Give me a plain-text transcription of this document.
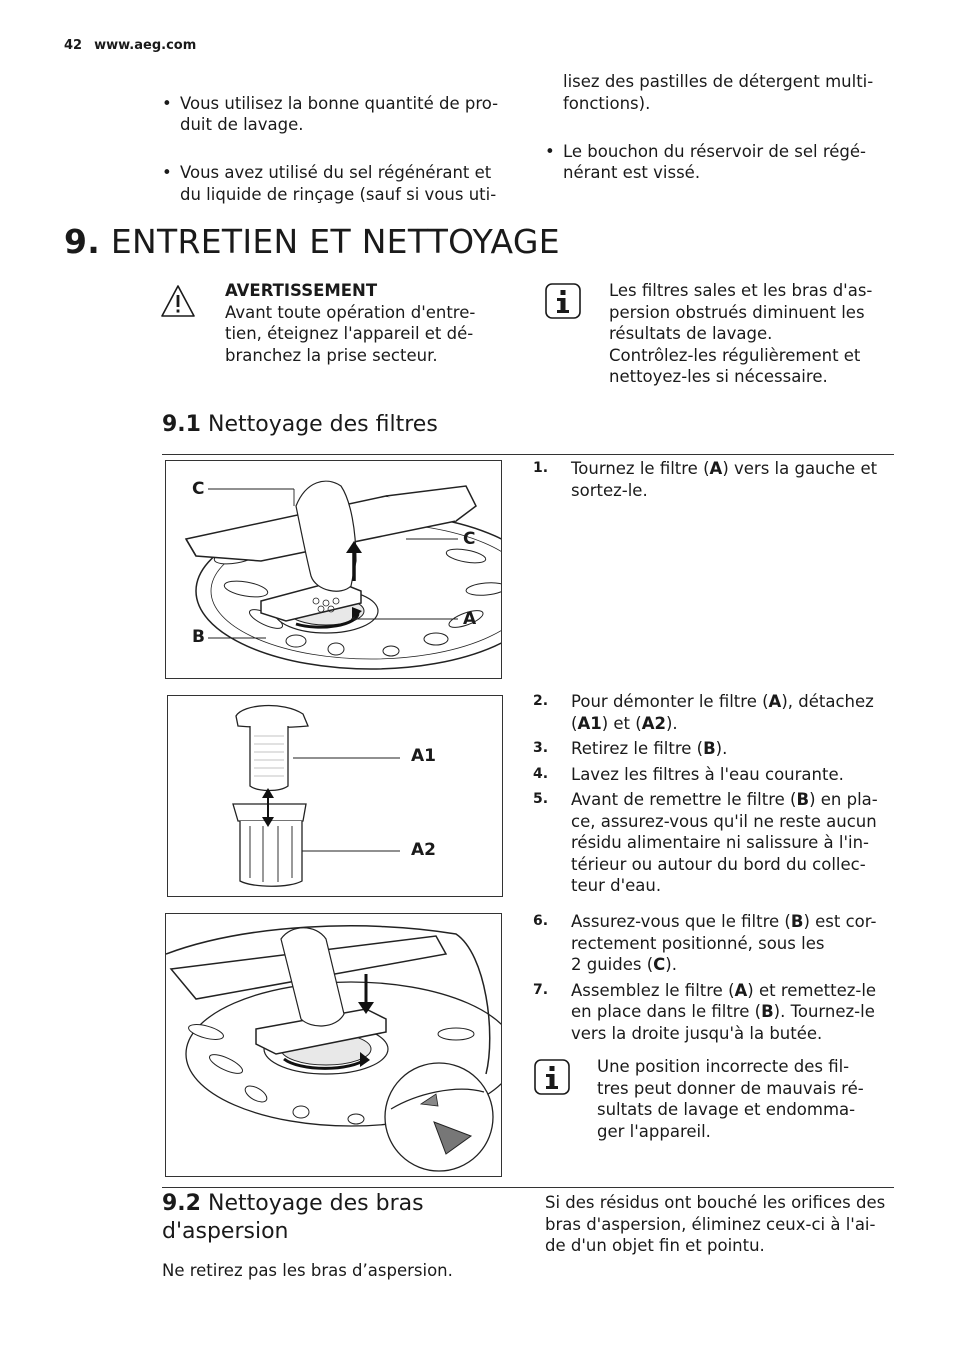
42 www.aeg.com

• Vous utilisez la bonne quantité de pro-
duit de lavage.

• Vous avez utilisé du sel régénérant et
du liquide de rinçage (sauf si vous uti-

lisez des pastilles de détergent multi-
fonctions).

• Le bouchon du réservoir de sel régé-
nérant est vissé.

9. ENTRETIEN ET NETTOYAGE
AVERTISSEMENT
Avant toute opération d'entre-
tien, éteignez l'appareil et dé-
branchez la prise secteur.
Les filtres sales et les bras d'as-
persion obstrués diminuent les
résultats de lavage.
Contrôlez-les régulièrement et
nettoyez-les si nécessaire.
9.1 Nettoyage des filtres
C
C
A
B
1. Tournez le filtre (A) vers la gauche et
sortez-le.
A1
A2
2. Pour démonter le filtre (A), détachez
(A1) et (A2).
3. Retirez le filtre (B).
4. Lavez les filtres à l'eau courante.
5. Avant de remettre le filtre (B) en pla-
ce, assurez-vous qu'il ne reste aucun
résidu alimentaire ni salissure à l'in-
térieur ou autour du bord du collec-
teur d'eau.
6. Assurez-vous que le filtre (B) est cor-
rectement positionné, sous les
2 guides (C).
7. Assemblez le filtre (A) et remettez-le
en place dans le filtre (B). Tournez-le
vers la droite jusqu'à la butée.
Une position incorrecte des fil-
tres peut donner de mauvais ré-
sultats de lavage et endomma-
ger l'appareil.
9.2 Nettoyage des bras
d'aspersion
Ne retirez pas les bras d’aspersion.
Si des résidus ont bouché les orifices des
bras d'aspersion, éliminez ceux-ci à l'ai-
de d'un objet fin et pointu.
